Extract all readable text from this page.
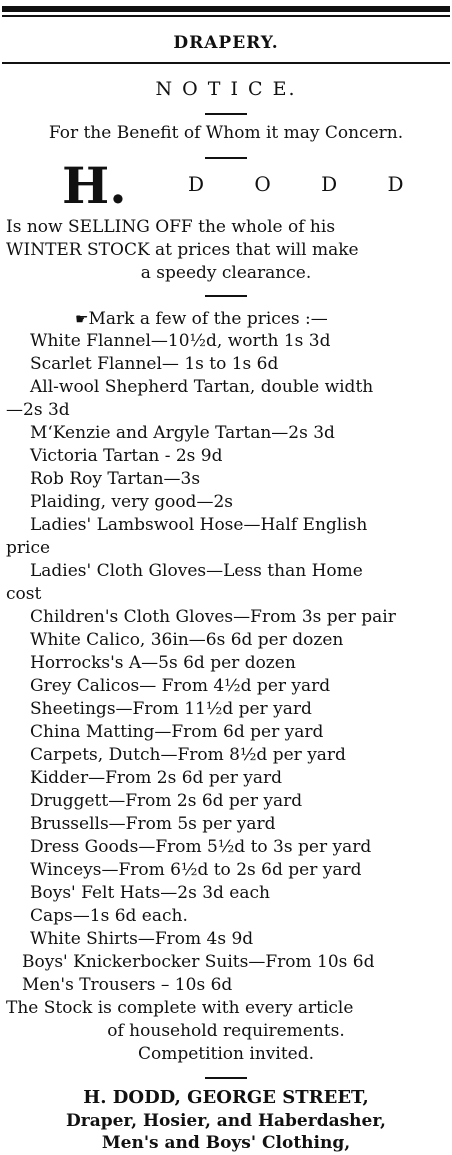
DRAPERY.
N O T I C E.
For the Benefit of Whom it may Concern.
H.	D O D D
Is now SELLING OFF the whole of his
WINTER STOCK at prices that will make
a speedy clearance.
☛Mark a few of the prices :—
White Flannel—10½d, worth 1s 3d
Scarlet Flannel— 1s to 1s 6d
All-wool Shepherd Tartan, double width
—2s 3d
M‘Kenzie and Argyle Tartan—2s 3d
Victoria Tartan - 2s 9d
Rob Roy Tartan—3s
Plaiding, very good—2s
Ladies' Lambswool Hose—Half English
price
Ladies' Cloth Gloves—Less than Home
cost
Children's Cloth Gloves—From 3s per pair
White Calico, 36in—6s 6d per dozen
Horrocks's A—5s 6d per dozen
Grey Calicos— From 4½d per yard
Sheetings—From 11½d per yard
China Matting—From 6d per yard
Carpets, Dutch—From 8½d per yard
Kidder—From 2s 6d per yard
Druggett—From 2s 6d per yard
Brussells—From 5s per yard
Dress Goods—From 5½d to 3s per yard
Winceys—From 6½d to 2s 6d per yard
Boys' Felt Hats—2s 3d each
Caps—1s 6d each.
White Shirts—From 4s 9d
Boys' Knickerbocker Suits—From 10s 6d
Men's Trousers – 10s 6d
The Stock is complete with every article
of household requirements.
Competition invited.
H. DODD, GEORGE STREET,
Draper, Hosier, and Haberdasher,
Men's and Boys' Clothing,
